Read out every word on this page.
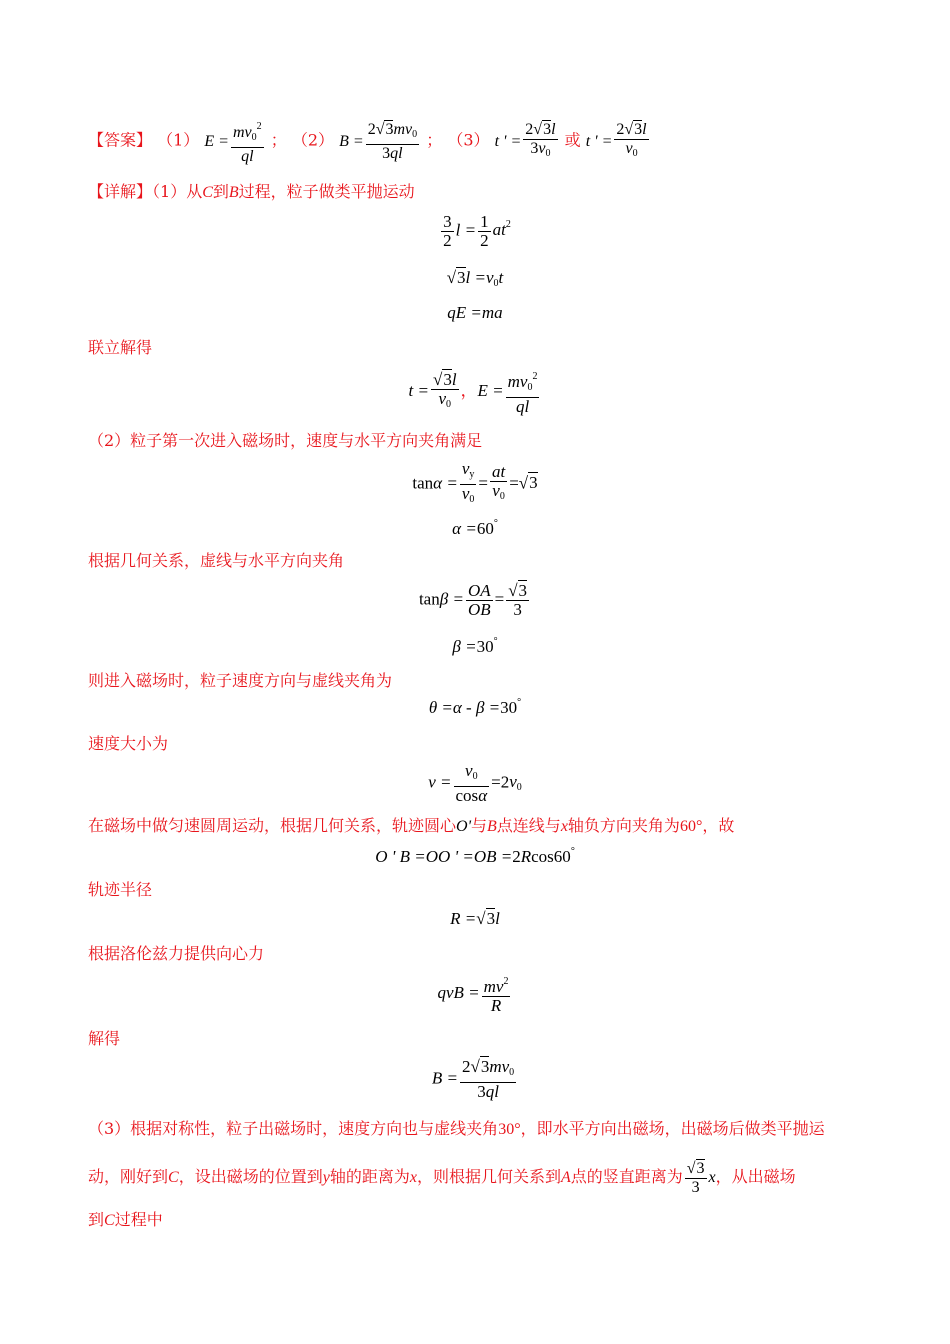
【答案】 （1） $E = \frac{mv_0^2}{ql}$ ； （2） $B = \frac{2√3mv_0}{3ql}$ ； （3） t ' = $\frac{2√3l}{3v_0}$ 或 t ' = $\frac{2√3l}{v_0}$
【详解】（1）从C到B过程，粒子做类平抛运动
$\frac{3}{2}$ $l = \frac{1}{2} at^2$
$√3l =v_0t$
qE =ma
联立解得
$t = \frac{√3l}{v_0}$ ，$E = \frac{mv_0^2}{ql}$
（2）粒子第一次进入磁场时，速度与水平方向夹角满足
$\tan\alpha = \frac{v_y}{v_0} = \frac{at}{v_0} =√3$
α =60°
根据几何关系，虚线与水平方向夹角
$\tan\beta = \frac{OA}{OB} = \frac{√3}{3}$
β =30°
则进入磁场时，粒子速度方向与虚线夹角为
θ =α - β =30°
速度大小为
$v = \frac{v_0}{\cos\alpha} =2v_0$
在磁场中做匀速圆周运动，根据几何关系，轨迹圆心O'与B点连线与x轴负方向夹角为60°，故
O ' B =OO ' =OB =2Rcos60°
轨迹半径
R =√3l
根据洛伦兹力提供向心力
qvB = $\frac{mv^2}{R}$
解得
$B = \frac{2√3mv_0}{3ql}$
（3）根据对称性，粒子出磁场时，速度方向也与虚线夹角30°，即水平方向出磁场，出磁场后做类平抛运
动，刚好到C，设出磁场的位置到y轴的距离为x，则根据几何关系到A点的竖直距离为 $\frac{√3}{3}$ x，从出磁场
到C过程中
